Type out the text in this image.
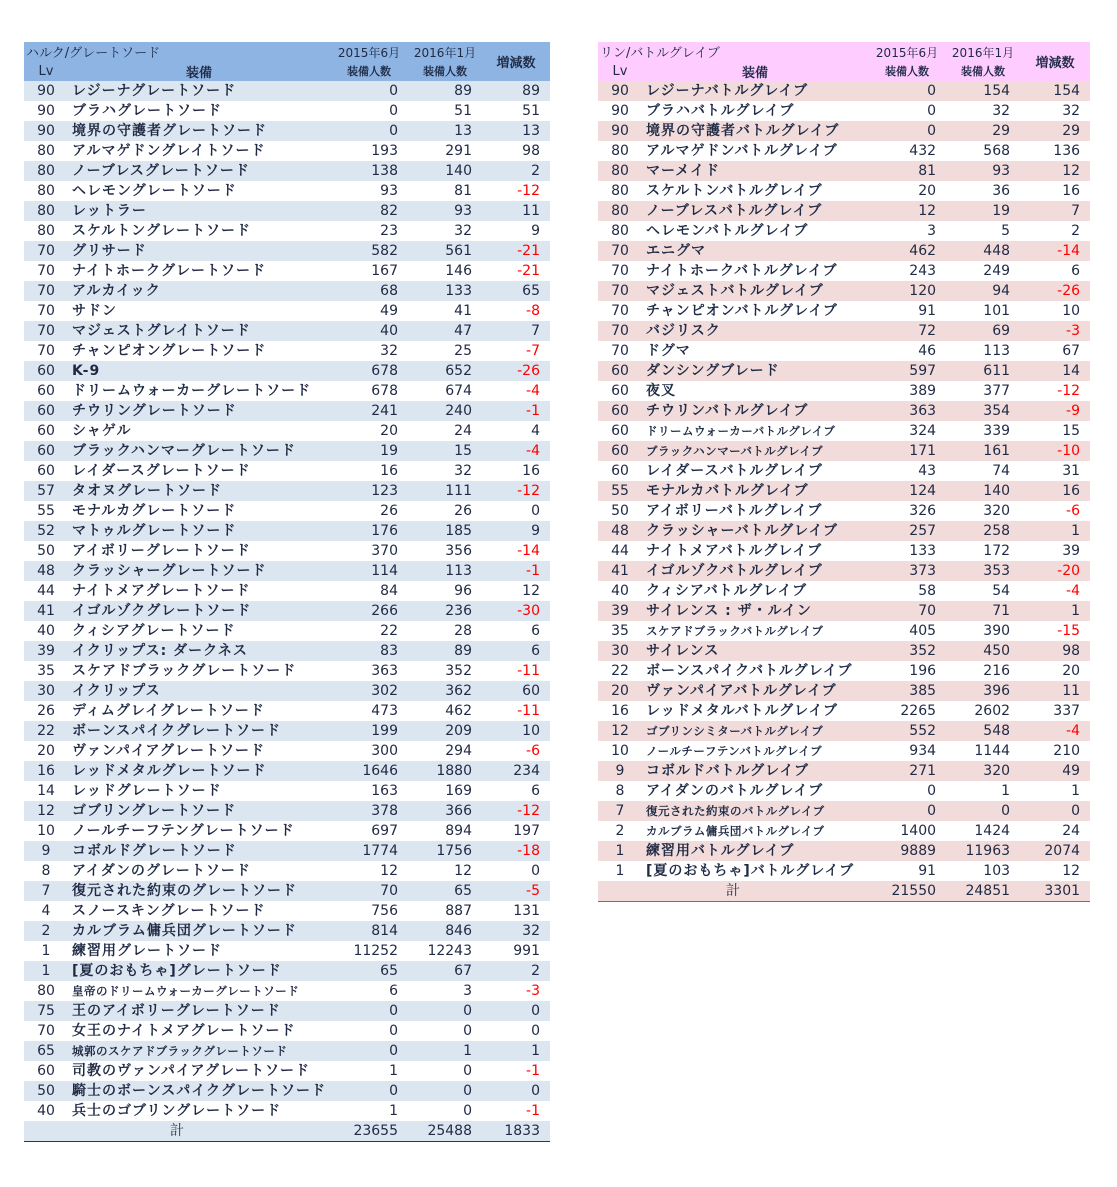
ハルク/グレートソード		2015年6月	2016年1月	増減数
Lv	装備	装備人数	装備人数	
90	レジーナグレートソード	0	89	89
90	ブラハグレートソード	0	51	51
90	境界の守護者グレートソード	0	13	13
80	アルマゲドングレイトソード	193	291	98
80	ノーブレスグレートソード	138	140	2
80	ヘレモングレートソード	93	81	-12
80	レットラー	82	93	11
80	スケルトングレートソード	23	32	9
70	グリサード	582	561	-21
70	ナイトホークグレートソード	167	146	-21
70	アルカイック	68	133	65
70	サドン	49	41	-8
70	マジェストグレイトソード	40	47	7
70	チャンピオングレートソード	32	25	-7
60	K-9	678	652	-26
60	ドリームウォーカーグレートソード	678	674	-4
60	チウリングレートソード	241	240	-1
60	シャゲル	20	24	4
60	ブラックハンマーグレートソード	19	15	-4
60	レイダースグレートソード	16	32	16
57	タオヌグレートソード	123	111	-12
55	モナルカグレートソード	26	26	0
52	マトゥルグレートソード	176	185	9
50	アイボリーグレートソード	370	356	-14
48	クラッシャーグレートソード	114	113	-1
44	ナイトメアグレートソード	84	96	12
41	イゴルゾクグレートソード	266	236	-30
40	クィシアグレートソード	22	28	6
39	イクリップス: ダークネス	83	89	6
35	スケアドブラックグレートソード	363	352	-11
30	イクリップス	302	362	60
26	ディムグレイグレートソード	473	462	-11
22	ボーンスパイクグレートソード	199	209	10
20	ヴァンパイアグレートソード	300	294	-6
16	レッドメタルグレートソード	1646	1880	234
14	レッドグレートソード	163	169	6
12	ゴブリングレートソード	378	366	-12
10	ノールチーフテングレートソード	697	894	197
9	コボルドグレートソード	1774	1756	-18
8	アイダンのグレートソード	12	12	0
7	復元された約束のグレートソード	70	65	-5
4	スノースキングレートソード	756	887	131
2	カルブラム傭兵団グレートソード	814	846	32
1	練習用グレートソード	11252	12243	991
1	[夏のおもちゃ]グレートソード	65	67	2
80	皇帝のドリームウォーカーグレートソード	6	3	-3
75	王のアイボリーグレートソード	0	0	0
70	女王のナイトメアグレートソード	0	0	0
65	城郭のスケアドブラックグレートソード	0	1	1
60	司教のヴァンパイアグレートソード	1	0	-1
50	騎士のボーンスパイクグレートソード	0	0	0
40	兵士のゴブリングレートソード	1	0	-1
計		23655	25488	1833
リン/バトルグレイブ		2015年6月	2016年1月	増減数
Lv	装備	装備人数	装備人数	
90	レジーナバトルグレイブ	0	154	154
90	ブラハバトルグレイブ	0	32	32
90	境界の守護者バトルグレイブ	0	29	29
80	アルマゲドンバトルグレイブ	432	568	136
80	マーメイド	81	93	12
80	スケルトンバトルグレイブ	20	36	16
80	ノーブレスバトルグレイブ	12	19	7
80	ヘレモンバトルグレイブ	3	5	2
70	エニグマ	462	448	-14
70	ナイトホークバトルグレイブ	243	249	6
70	マジェストバトルグレイブ	120	94	-26
70	チャンピオンバトルグレイブ	91	101	10
70	バジリスク	72	69	-3
70	ドグマ	46	113	67
60	ダンシングブレード	597	611	14
60	夜叉	389	377	-12
60	チウリンバトルグレイブ	363	354	-9
60	ドリームウォーカーバトルグレイブ	324	339	15
60	ブラックハンマーバトルグレイブ	171	161	-10
60	レイダースバトルグレイブ	43	74	31
55	モナルカバトルグレイブ	124	140	16
50	アイボリーバトルグレイブ	326	320	-6
48	クラッシャーバトルグレイブ	257	258	1
44	ナイトメアバトルグレイブ	133	172	39
41	イゴルゾクバトルグレイブ	373	353	-20
40	クィシアバトルグレイブ	58	54	-4
39	サイレンス : ザ・ルイン	70	71	1
35	スケアドブラックバトルグレイブ	405	390	-15
30	サイレンス	352	450	98
22	ボーンスパイクバトルグレイブ	196	216	20
20	ヴァンパイアバトルグレイブ	385	396	11
16	レッドメタルバトルグレイブ	2265	2602	337
12	ゴブリンシミターバトルグレイブ	552	548	-4
10	ノールチーフテンバトルグレイブ	934	1144	210
9	コボルドバトルグレイブ	271	320	49
8	アイダンのバトルグレイブ	0	1	1
7	復元された約束のバトルグレイブ	0	0	0
2	カルブラム傭兵団バトルグレイブ	1400	1424	24
1	練習用バトルグレイブ	9889	11963	2074
1	[夏のおもちゃ]バトルグレイブ	91	103	12
計		21550	24851	3301
